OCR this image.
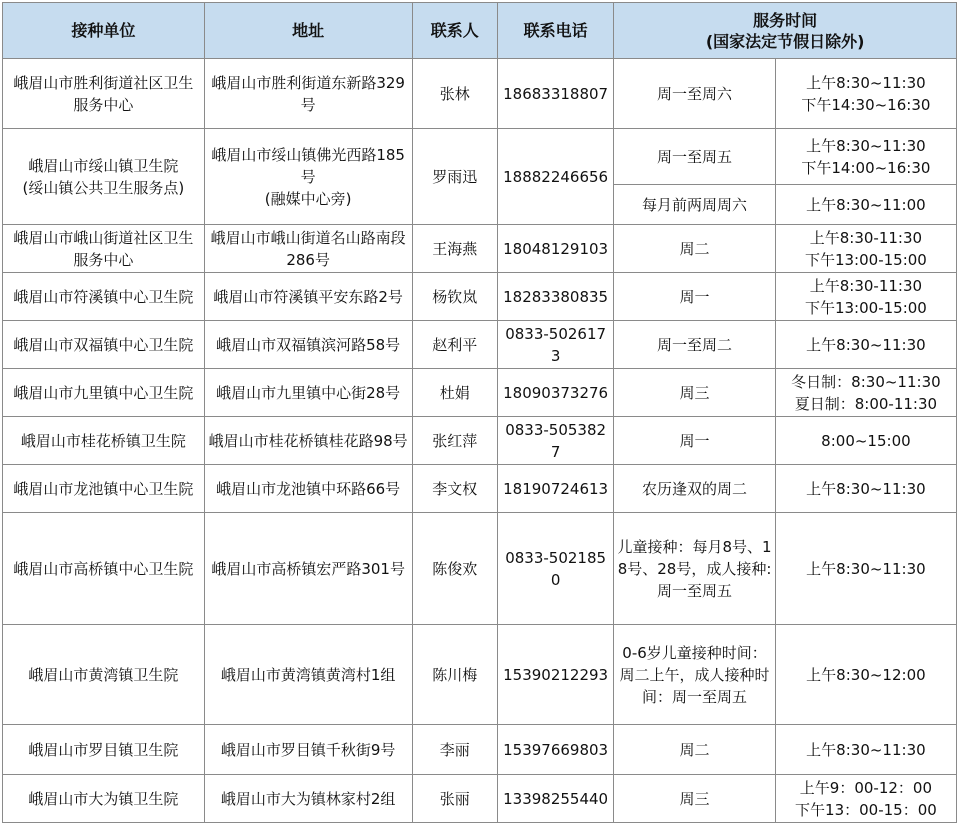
接种单位	地址	联系人	联系电话	服务时间
(国家法定节假日除外)	
峨眉山市胜利街道社区卫生服务中心	峨眉山市胜利街道东新路329号	张林	18683318807	周一至周六	上午8:30~11:30
下午14:30~16:30
峨眉山市绥山镇卫生院
(绥山镇公共卫生服务点)	峨眉山市绥山镇佛光西路185号
(融媒中心旁)	罗雨迅	18882246656	周一至周五	上午8:30~11:30
下午14:00~16:30
				每月前两周周六	上午8:30~11:00
峨眉山市峨山街道社区卫生服务中心	峨眉山市峨山街道名山路南段286号	王海燕	18048129103	周二	上午8:30-11:30
下午13:00-15:00
峨眉山市符溪镇中心卫生院	峨眉山市符溪镇平安东路2号	杨钦岚	18283380835	周一	上午8:30-11:30
下午13:00-15:00
峨眉山市双福镇中心卫生院	峨眉山市双福镇滨河路58号	赵利平	0833-5026173	周一至周二	上午8:30~11:30
峨眉山市九里镇中心卫生院	峨眉山市九里镇中心街28号	杜娟	18090373276	周三	冬日制：8:30~11:30
夏日制：8:00-11:30
峨眉山市桂花桥镇卫生院	峨眉山市桂花桥镇桂花路98号	张红萍	0833-5053827	周一	8:00~15:00
峨眉山市龙池镇中心卫生院	峨眉山市龙池镇中环路66号	李文权	18190724613	农历逢双的周二	上午8:30~11:30
峨眉山市高桥镇中心卫生院	峨眉山市高桥镇宏严路301号	陈俊欢	0833-5021850	儿童接种：每月8号、18号、28号，成人接种:周一至周五	上午8:30~11:30
峨眉山市黄湾镇卫生院	峨眉山市黄湾镇黄湾村1组	陈川梅	15390212293	0-6岁儿童接种时间：周二上午，成人接种时间：周一至周五	上午8:30~12:00
峨眉山市罗目镇卫生院	峨眉山市罗目镇千秋街9号	李丽	15397669803	周二	上午8:30~11:30
峨眉山市大为镇卫生院	峨眉山市大为镇林家村2组	张丽	13398255440	周三	上午9：00-12：00
下午13：00-15：00
